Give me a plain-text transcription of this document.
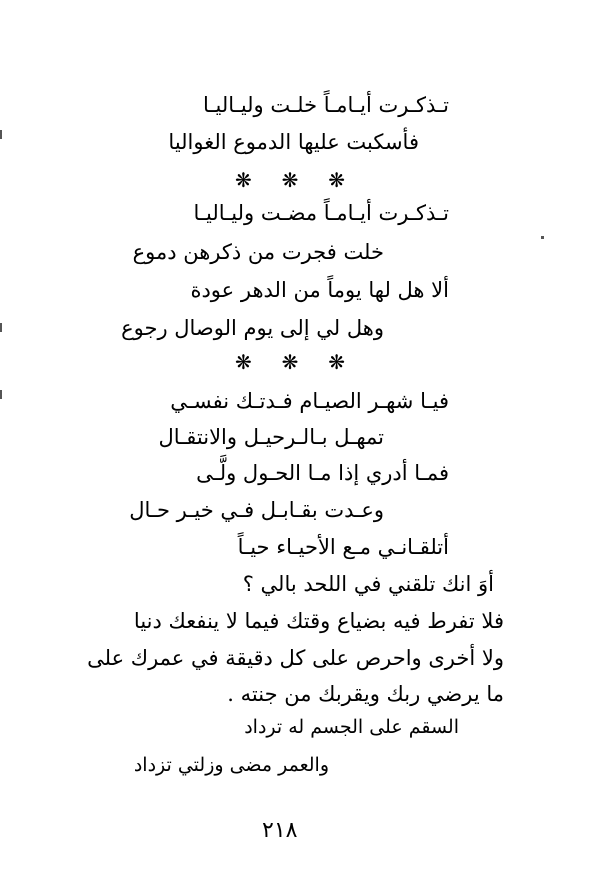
تـذكـرت أيـامـاً خلـت وليـاليـا
فأسكبت عليها الدموع الغواليا
❋ ❋ ❋
تـذكـرت أيـامـاً مضـت وليـاليـا
خلت فجرت من ذكرهن دموع
ألا هل لها يوماً من الدهر عودة
وهل لي إلى يوم الوصال رجوع
❋ ❋ ❋
فيـا شهـر الصيـام فـدتـك نفسـي
تمهـل بـالـرحيـل والانتقـال
فمـا أدري إذا مـا الحـول ولَّـى
وعـدت بقـابـل فـي خيـر حـال
أتلقـانـي مـع الأحيـاء حيـاً
أوَ انك تلقني في اللحد بالي ؟
فلا تفرط فيه بضياع وقتك فيما لا ينفعك دنيا
ولا أخرى واحرص على كل دقيقة في عمرك على
ما يرضي ربك ويقربك من جنته .
السقم على الجسم له ترداد
والعمر مضى وزلتي تزداد
٢١٨
